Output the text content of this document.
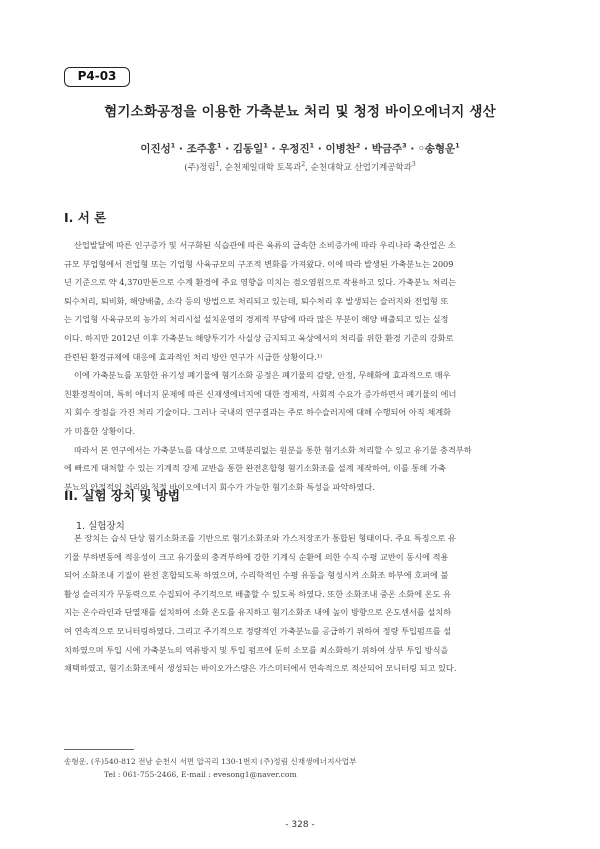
P4-03
혐기소화공정을 이용한 가축분뇨 처리 및 청정 바이오에너지 생산
이진성$^1$ · 조주홍$^1$ · 김동일$^1$ · 우정진$^1$ · 이병찬$^2$ · 박금주$^3$ · ◦송형운$^1$
(주)정림$^1$, 순천제일대학 토목과$^2$, 순천대학교 산업기계공학과$^3$
I. 서 론
산업발달에 따른 인구증가 및 서구화된 식습관에 따른 육류의 급속한 소비증가에 따라 우리나라 축산업은 소
규모 부업형에서 전업형 또는 기업형 사육규모의 구조적 변화를 가져왔다. 이에 따라 발생된 가축분뇨는 2009
년 기준으로 약 4,370만톤으로 수계 환경에 주요 영향을 미치는 점오염원으로 작용하고 있다. 가축분뇨 처리는
퇴수처리, 퇴비화, 해양배출, 소각 등의 방법으로 처리되고 있는데, 퇴수처리 후 발생되는 슬러지와 전업형 또
는 기업형 사육규모의 농가의 처리시설 설치운영의 경제적 부담에 따라 많은 부분이 해양 배출되고 있는 실정
이다. 하지만 2012년 이후 가축분뇨 해양투기가 사실상 금지되고 육상에서의 처리를 위한 환경 기준의 강화로
관련된 환경규제에 대응에 효과적인 처리 방안 연구가 시급한 상황이다.¹⁾
이에 가축분뇨를 포함한 유기성 폐기물에 혐기소화 공정은 폐기물의 감량, 안정, 무해화에 효과적으로 매우
친환경적이며, 특히 에너지 문제에 따른 신재생에너지에 대한 경제적, 사회적 수요가 증가하면서 폐기물의 에너
지 회수 장점을 가진 처리 기술이다. 그러나 국내의 연구결과는 주로 하수슬러지에 대해 수행되어 아직 체계화
가 미흡한 상황이다.
따라서 본 연구에서는 가축분뇨를 대상으로 고액분리없는 원분을 통한 혐기소화 처리할 수 있고 유기물 충격부하
에 빠르게 대처할 수 있는 기계적 강제 교반을 통한 완전혼합형 혐기소화조를 설계 제작하여, 이를 통해 가축
분뇨의 안정적인 처리와 청정 바이오에너지 회수가 가능한 혐기소화 특성을 파악하였다.
II. 실험 장치 및 방법
1. 실험장치
본 장치는 습식 단상 혐기소화조를 기반으로 혐기소화조와 가스저장조가 통합된 형태이다. 주요 특징으로 유
기물 부하변동에 적응성이 크고 유기물의 충격부하에 강한 기계식 순환에 의한 수직 수평 교반이 동시에 적용
되어 소화조내 기질이 완전 혼합되도록 하였으며, 수리학적인 수평 유동을 형성시켜 소화조 하부에 호퍼에 불
활성 슬러지가 무동력으로 수집되어 주기적으로 배출할 수 있도록 하였다. 또한 소화조내 중온 소화에 온도 유
지는 온수라인과 단열재를 설치하여 소화 온도를 유지하고 혐기소화조 내에 높이 방향으로 온도센서를 설치하
여 연속적으로 모니터링하였다. 그리고 주기적으로 정량적인 가축분뇨를 공급하기 위하여 정량 투입펌프를 설
치하였으며 투입 시에 가축분뇨의 역류방지 및 투입 펌프에 둔히 소모를 최소화하기 위하여 상부 투입 방식을
채택하였고, 혐기소화조에서 생성되는 바이오가스량은 가스미터에서 연속적으로 적산되어 모니터링 되고 있다.
송형운, (우)540-812 전남 순천시 서면 압곡리 130-1번지 (주)정림 신재생에너지사업부
Tel : 061-755-2466, E-mail : evesong1@naver.com
- 328 -
